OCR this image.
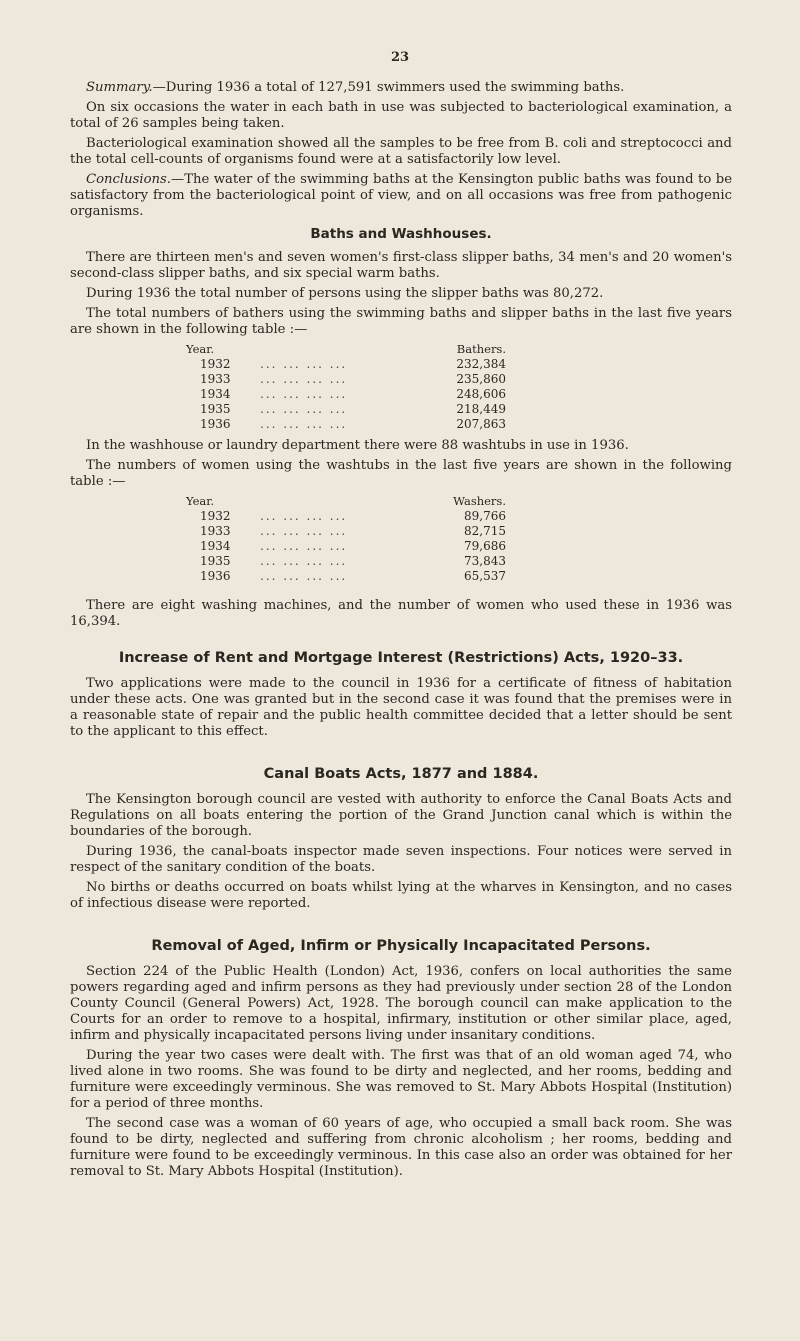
23

Summary.—During 1936 a total of 127,591 swimmers used the swimming baths.

On six occasions the water in each bath in use was subjected to bacteriological examination, a total of 26 samples being taken.

Bacteriological examination showed all the samples to be free from B. coli and streptococci and the total cell-counts of organisms found were at a satisfactorily low level.

Conclusions.—The water of the swimming baths at the Kensington public baths was found to be satisfactory from the bacteriological point of view, and on all occasions was free from pathogenic organisms.

Baths and Washhouses.

There are thirteen men's and seven women's first-class slipper baths, 34 men's and 20 women's second-class slipper baths, and six special warm baths.

During 1936 the total number of persons using the slipper baths was 80,272.

The total numbers of bathers using the swimming baths and slipper baths in the last five years are shown in the following table :—

Year.		Bathers.
1932	... ... ... ...	232,384
1933	... ... ... ...	235,860
1934	... ... ... ...	248,606
1935	... ... ... ...	218,449
1936	... ... ... ...	207,863

In the washhouse or laundry department there were 88 washtubs in use in 1936.

The numbers of women using the washtubs in the last five years are shown in the following table :—

Year.		Washers.
1932	... ... ... ...	89,766
1933	... ... ... ...	82,715
1934	... ... ... ...	79,686
1935	... ... ... ...	73,843
1936	... ... ... ...	65,537

There are eight washing machines, and the number of women who used these in 1936 was 16,394.

Increase of Rent and Mortgage Interest (Restrictions) Acts, 1920–33.

Two applications were made to the council in 1936 for a certificate of fitness of habitation under these acts. One was granted but in the second case it was found that the premises were in a reasonable state of repair and the public health committee decided that a letter should be sent to the applicant to this effect.

Canal Boats Acts, 1877 and 1884.

The Kensington borough council are vested with authority to enforce the Canal Boats Acts and Regulations on all boats entering the portion of the Grand Junction canal which is within the boundaries of the borough.

During 1936, the canal-boats inspector made seven inspections. Four notices were served in respect of the sanitary condition of the boats.

No births or deaths occurred on boats whilst lying at the wharves in Kensington, and no cases of infectious disease were reported.

Removal of Aged, Infirm or Physically Incapacitated Persons.

Section 224 of the Public Health (London) Act, 1936, confers on local authorities the same powers regarding aged and infirm persons as they had previously under section 28 of the London County Council (General Powers) Act, 1928. The borough council can make application to the Courts for an order to remove to a hospital, infirmary, institution or other similar place, aged, infirm and physically incapacitated persons living under insanitary conditions.

During the year two cases were dealt with. The first was that of an old woman aged 74, who lived alone in two rooms. She was found to be dirty and neglected, and her rooms, bedding and furniture were exceedingly verminous. She was removed to St. Mary Abbots Hospital (Institution) for a period of three months.

The second case was a woman of 60 years of age, who occupied a small back room. She was found to be dirty, neglected and suffering from chronic alcoholism ; her rooms, bedding and furniture were found to be exceedingly verminous. In this case also an order was obtained for her removal to St. Mary Abbots Hospital (Institution).
